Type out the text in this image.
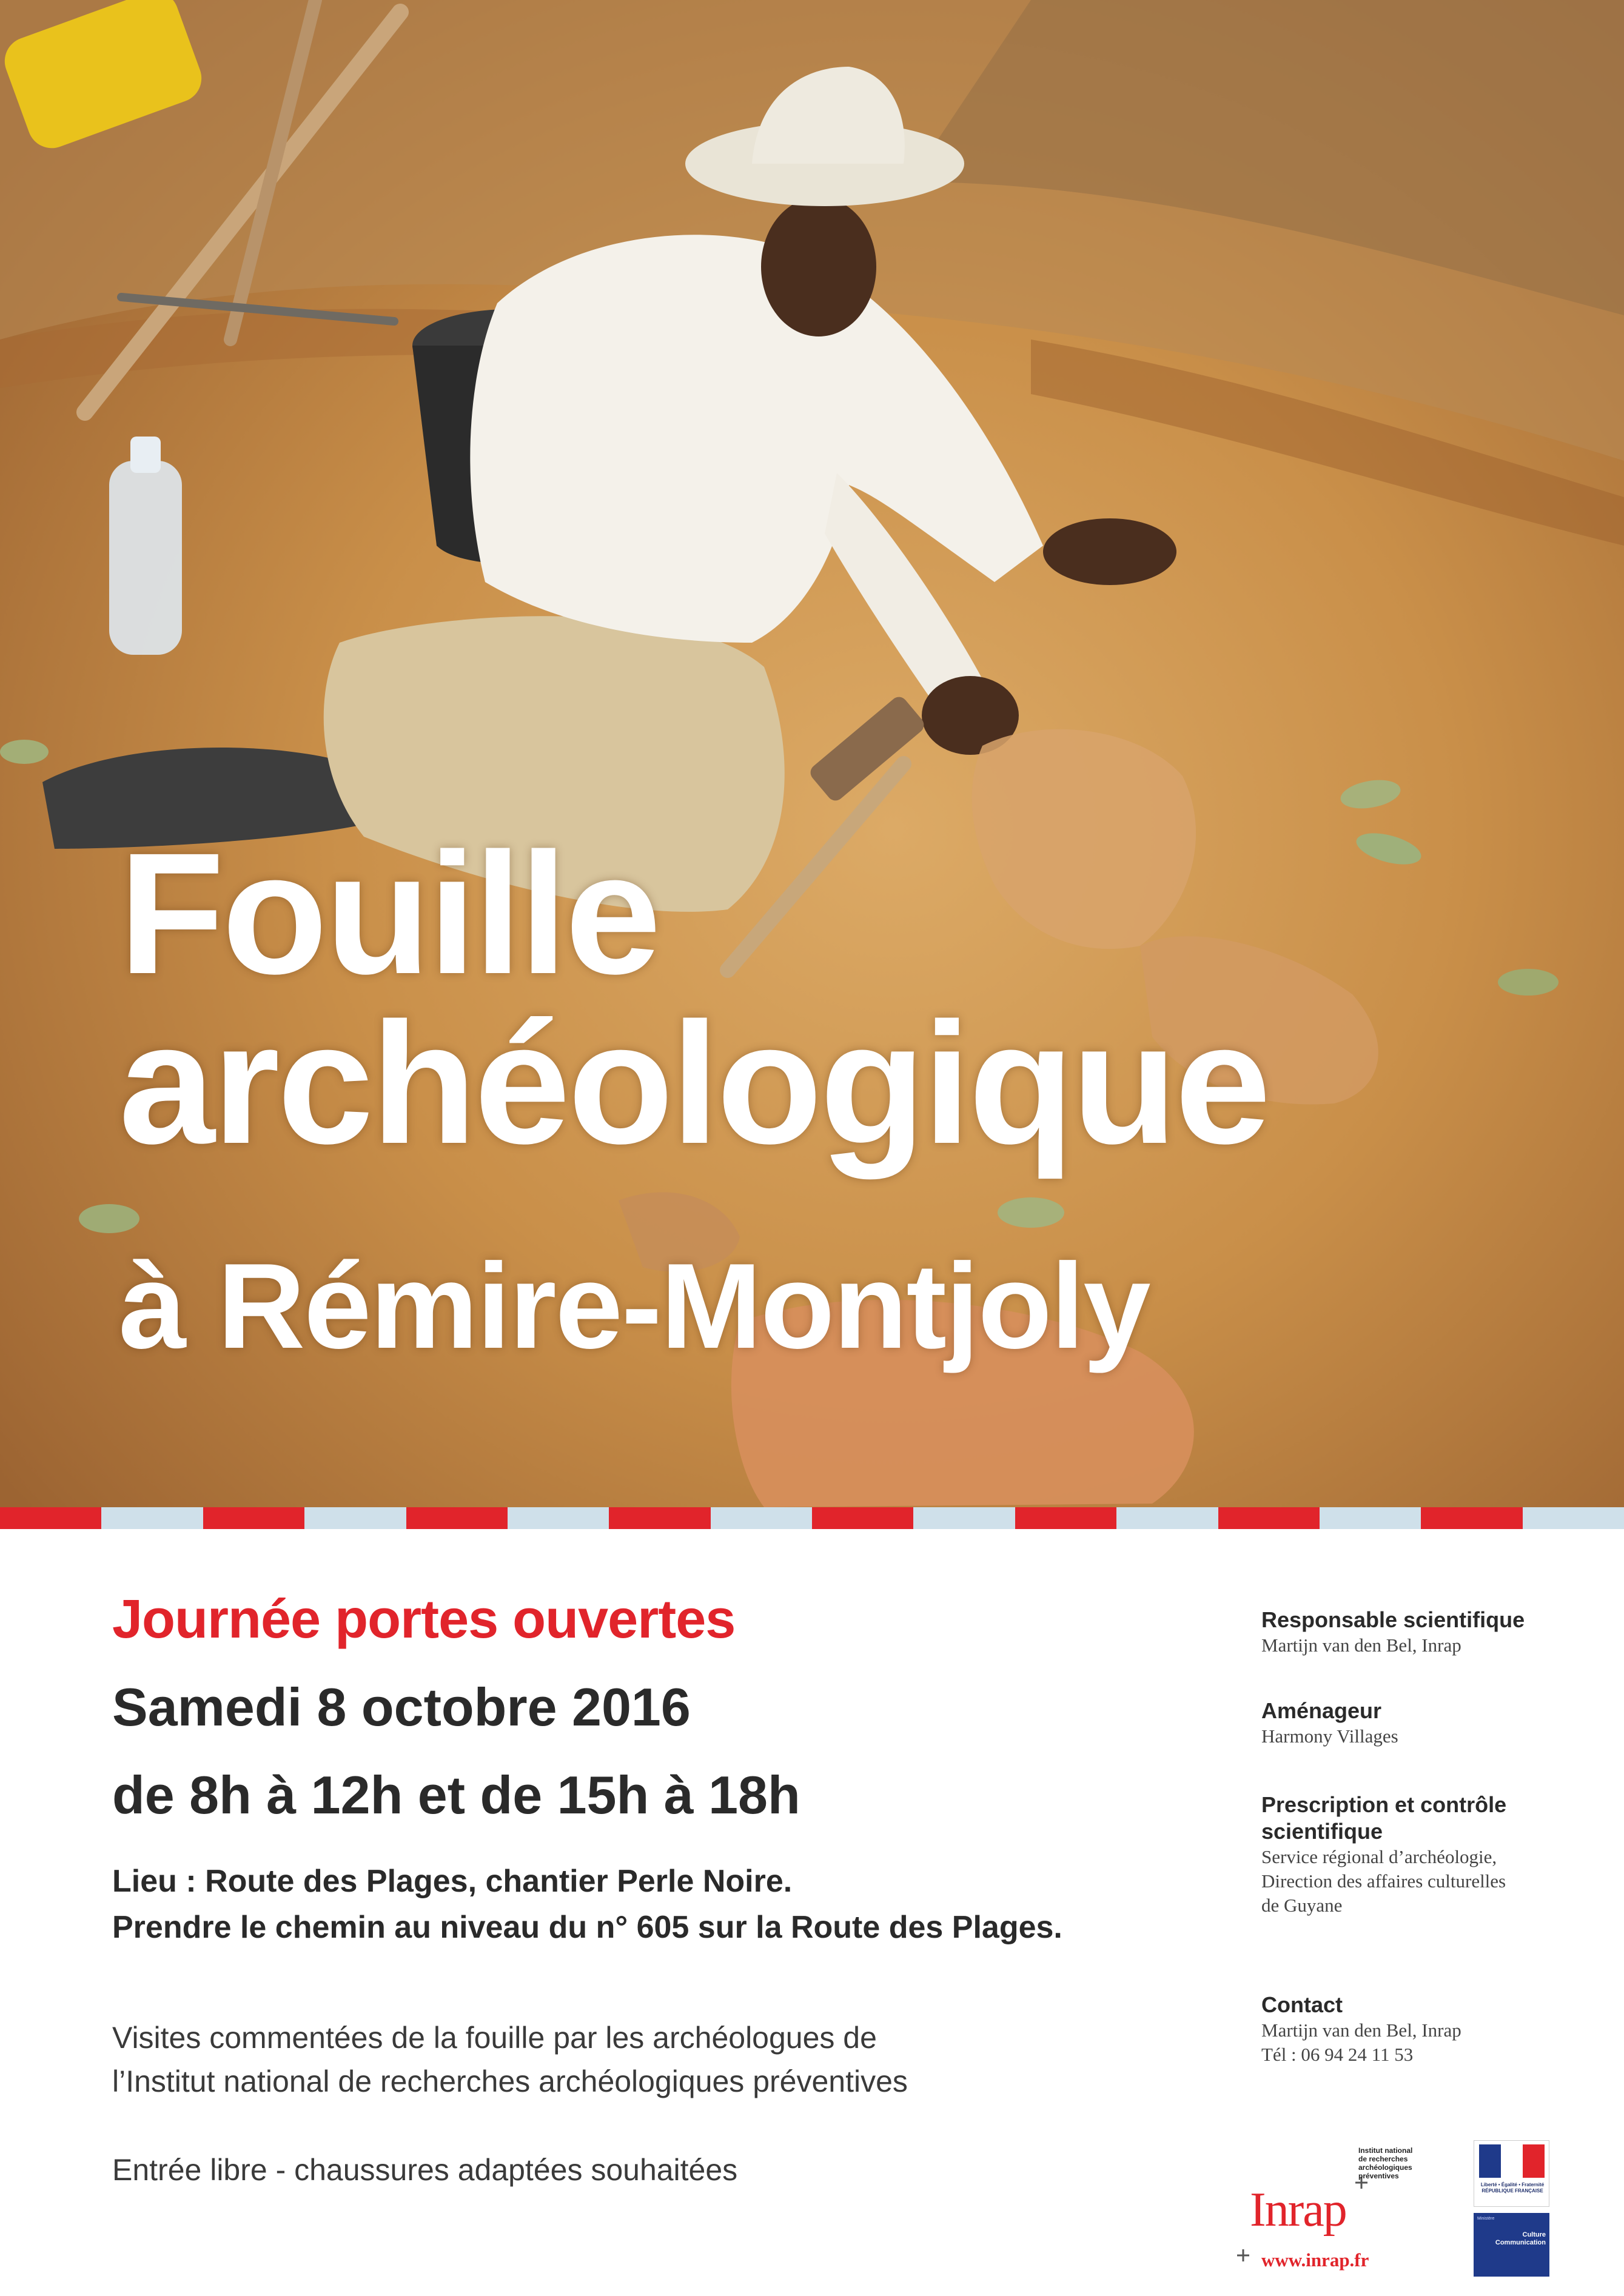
Fouille
archéologique
à Rémire-Montjoly
Journée portes ouvertes
Samedi 8 octobre 2016
de 8h à 12h et de 15h à 18h
Lieu : Route des Plages, chantier Perle Noire.
Prendre le chemin au niveau du n° 605 sur la Route des Plages.
Visites commentées de la fouille par les archéologues de
l’Institut national de recherches archéologiques préventives
Entrée libre - chaussures adaptées souhaitées
Responsable scientifique
Martijn van den Bel, Inrap
Aménageur
Harmony Villages
Prescription et contrôle
scientifique
Service régional d’archéologie,
Direction des affaires culturelles
de Guyane
Contact
Martijn van den Bel, Inrap
Tél : 06 94 24 11 53
www.inrap.fr
Inrap
Institut national
de recherches
archéologiques
préventives
Liberté • Égalité • Fraternité
RÉPUBLIQUE FRANÇAISE
Ministère
Culture
Communication
